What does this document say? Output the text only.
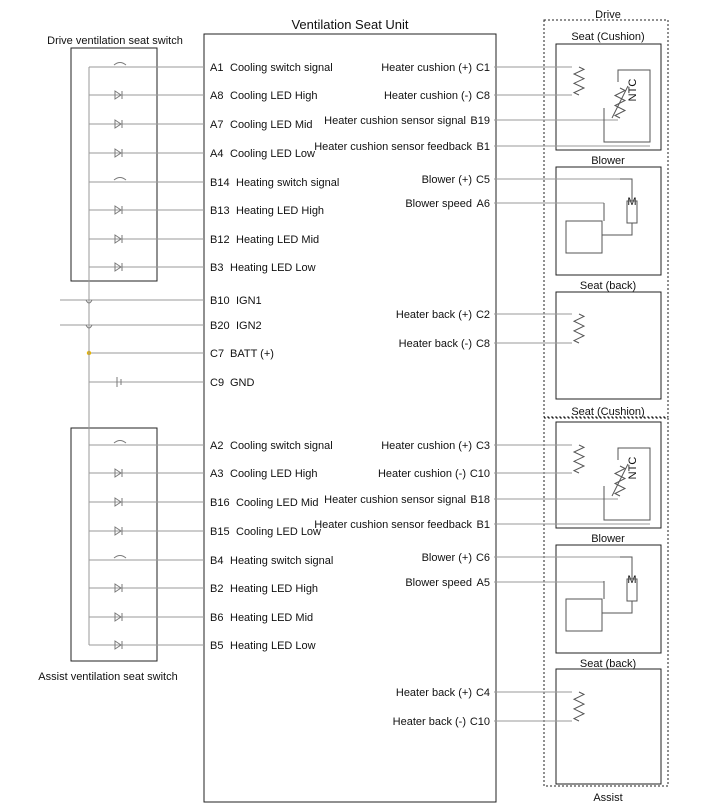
Ventilation Seat Unit
Drive ventilation seat switch
Assist ventilation seat switch
Drive
Assist
Seat (Cushion)
Blower
Seat (back)
Seat (Cushion)
Blower
Seat (back)
NTC
NTC
M
M
A1 Cooling switch signal
A8 Cooling LED High
A7 Cooling LED Mid
A4 Cooling LED Low
B14 Heating switch signal
B13 Heating LED High
B12 Heating LED Mid
B3 Heating LED Low
B10 IGN1
B20 IGN2
C7 BATT (+)
C9 GND
A2 Cooling switch signal
A3 Cooling LED High
B16 Cooling LED Mid
B15 Cooling LED Low
B4 Heating switch signal
B2 Heating LED High
B6 Heating LED Mid
B5 Heating LED Low
C1
Heater cushion (+)
C8
Heater cushion (-)
B19
Heater cushion sensor signal
B1
Heater cushion sensor feedback
C5
Blower (+)
A6
Blower speed
C2
Heater back (+)
C8
Heater back (-)
C3
Heater cushion (+)
C10
Heater cushion (-)
B18
Heater cushion sensor signal
B1
Heater cushion sensor feedback
C6
Blower (+)
A5
Blower speed
C4
Heater back (+)
C10
Heater back (-)
